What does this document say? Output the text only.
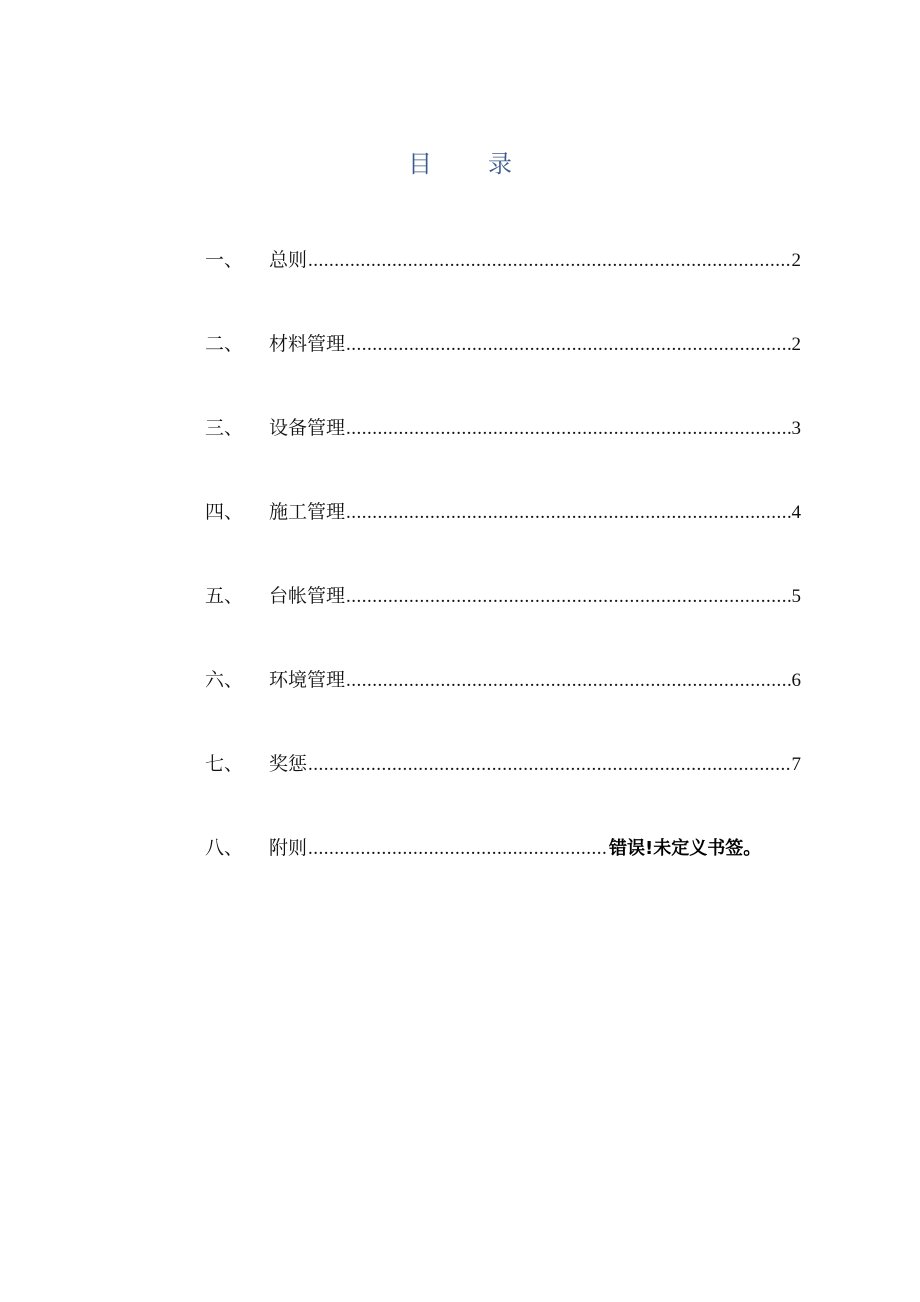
目 录
一、	总则 .....	2
二、	材料管理 .....	2
三、	设备管理 .....	3
四、	施工管理 .....	4
五、	台帐管理 .....	5
六、	环境管理 .....	6
七、	奖惩 .....	7
八、	附则 .....	错误!未定义书签。
